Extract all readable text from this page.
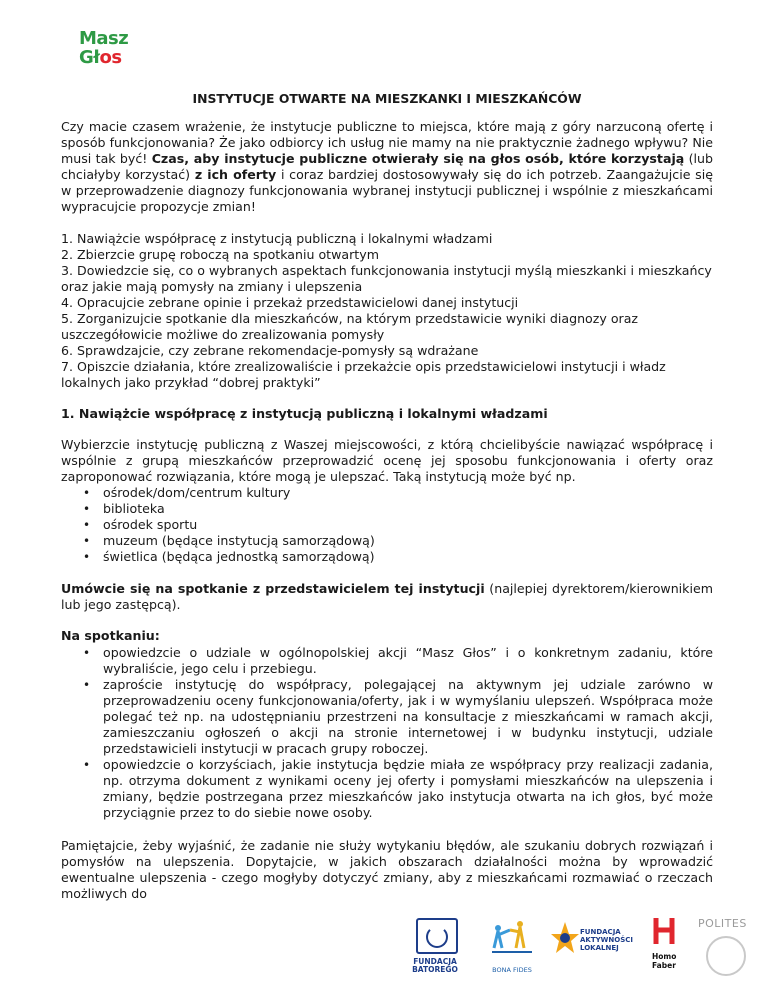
Masz
Głos
INSTYTUCJE OTWARTE NA MIESZKANKI I MIESZKAŃCÓW

Czy macie czasem wrażenie, że instytucje publiczne to miejsca, które mają z góry narzuconą ofertę i sposób funkcjonowania? Że jako odbiorcy ich usług nie mamy na nie praktycznie żadnego wpływu? Nie musi tak być! Czas, aby instytucje publiczne otwierały się na głos osób, które korzystają (lub chciałyby korzystać) z ich oferty i coraz bardziej dostosowywały się do ich potrzeb. Zaangażujcie się w przeprowadzenie diagnozy funkcjonowania wybranej instytucji publicznej i wspólnie z mieszkańcami wypracujcie propozycje zmian!

1. Nawiążcie współpracę z instytucją publiczną i lokalnymi władzami
2. Zbierzcie grupę roboczą na spotkaniu otwartym
3. Dowiedzcie się, co o wybranych aspektach funkcjonowania instytucji myślą mieszkanki i mieszkańcy oraz jakie mają pomysły na zmiany i ulepszenia
4. Opracujcie zebrane opinie i przekaż przedstawicielowi danej instytucji
5. Zorganizujcie spotkanie dla mieszkańców, na którym przedstawicie wyniki diagnozy oraz uszczegółowicie możliwe do zrealizowania pomysły
6. Sprawdzajcie, czy zebrane rekomendacje-pomysły są wdrażane
7. Opiszcie działania, które zrealizowaliście i przekażcie opis przedstawicielowi instytucji i władz lokalnych jako przykład “dobrej praktyki”
1. Nawiążcie współpracę z instytucją publiczną i lokalnymi władzami

Wybierzcie instytucję publiczną z Waszej miejscowości, z którą chcielibyście nawiązać współpracę i wspólnie z grupą mieszkańców przeprowadzić ocenę jej sposobu funkcjonowania i oferty oraz zaproponować rozwiązania, które mogą je ulepszać. Taką instytucją może być np.

• ośrodek/dom/centrum kultury
• biblioteka
• ośrodek sportu
• muzeum (będące instytucją samorządową)
• świetlica (będąca jednostką samorządową)

Umówcie się na spotkanie z przedstawicielem tej instytucji (najlepiej dyrektorem/kierownikiem lub jego zastępcą).

Na spotkaniu:

• opowiedzcie o udziale w ogólnopolskiej akcji “Masz Głos” i o konkretnym zadaniu, które wybraliście, jego celu i przebiegu.
• zaproście instytucję do współpracy, polegającej na aktywnym jej udziale zarówno w przeprowadzeniu oceny funkcjonowania/oferty, jak i w wymyślaniu ulepszeń. Współpraca może polegać też np. na udostępnianiu przestrzeni na konsultacje z mieszkańcami w ramach akcji, zamieszczaniu ogłoszeń o akcji na stronie internetowej i w budynku instytucji, udziale przedstawicieli instytucji w pracach grupy roboczej.
• opowiedzcie o korzyściach, jakie instytucja będzie miała ze współpracy przy realizacji zadania, np. otrzyma dokument z wynikami oceny jej oferty i pomysłami mieszkańców na ulepszenia i zmiany, będzie postrzegana przez mieszkańców jako instytucja otwarta na ich głos, być może przyciągnie przez to do siebie nowe osoby.

Pamiętajcie, żeby wyjaśnić, że zadanie nie służy wytykaniu błędów, ale szukaniu dobrych rozwiązań i pomysłów na ulepszenia. Dopytajcie, w jakich obszarach działalności można by wprowadzić ewentualne ulepszenia - czego mogłyby dotyczyć zmiany, aby z mieszkańcami rozmawiać o rzeczach możliwych do

FUNDACJA
BATOREGO	BONA FIDES
FUNDACJA AKTYWNOŚCI LOKALNEJ
Homo Faber
POLITES
